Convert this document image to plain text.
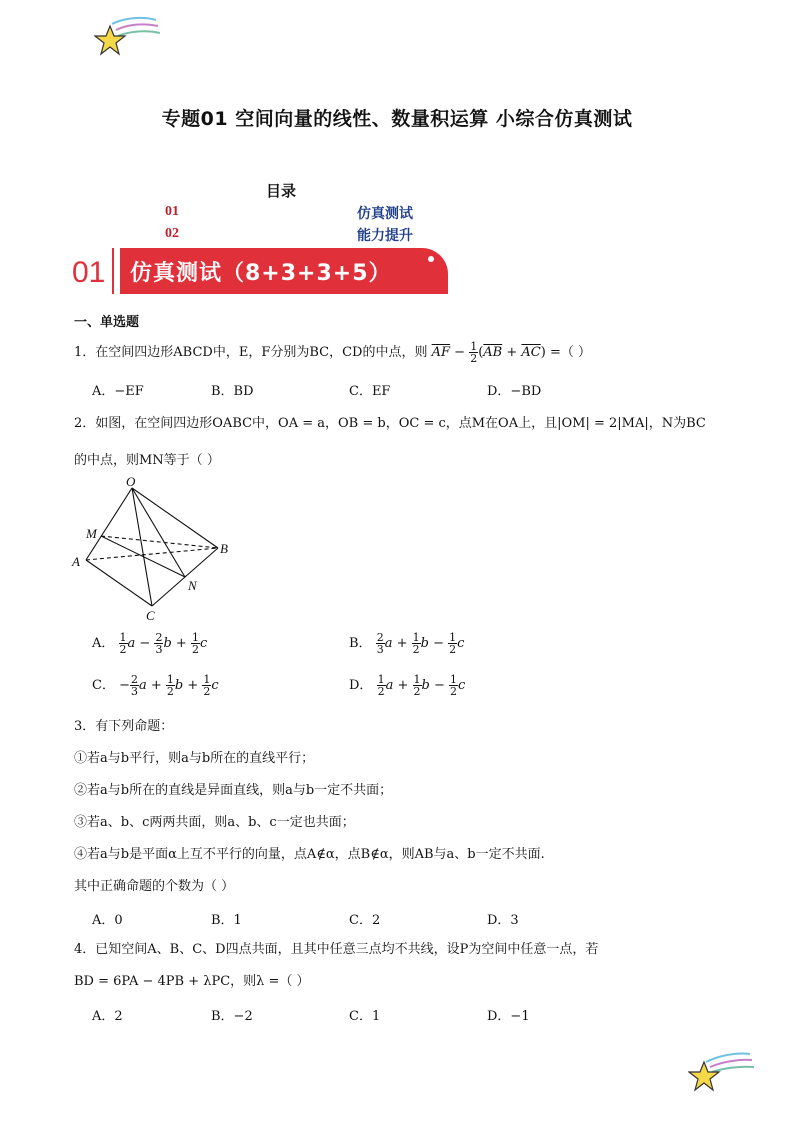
专题01 空间向量的线性、数量积运算 小综合仿真测试
目录
01	仿真测试
02	能力提升
01 仿真测试（8+3+3+5）
一、单选题
1．在空间四边形ABCD中，E，F分别为BC，CD的中点，则 $\overline{AF} - \frac{1}{2} (\overline{AB} + \overline{AC})$ =（ ）
A．−EF	B．BD	C．EF	D．−BD
2．如图，在空间四边形OABC中，OA = a，OB = b，OC = c，点M在OA上，且|OM| = 2|MA|，N为BC
的中点，则MN等于（ ）
O
M
A
B
N
C
A． $\frac{1}{2}$ $a - \frac{2}{3}$ $b + \frac{1}{2}$ c	B． $\frac{2}{3}$ $a + \frac{1}{2}$ $b - \frac{1}{2}$ c
C． − $\frac{2}{3}$ $a + \frac{1}{2}$ $b + \frac{1}{2}$ c	D． $\frac{1}{2}$ $a + \frac{1}{2}$ $b - \frac{1}{2}$ c
3．有下列命题：
①若a与b平行，则a与b所在的直线平行；
②若a与b所在的直线是异面直线，则a与b一定不共面；
③若a、b、c两两共面，则a、b、c一定也共面；
④若a与b是平面α上互不平行的向量，点A∉α，点B∉α，则AB与a、b一定不共面.
其中正确命题的个数为（ ）
A．0	B．1	C．2	D．3
4．已知空间A、B、C、D四点共面，且其中任意三点均不共线，设P为空间中任意一点，若
BD = 6PA − 4PB + λPC，则λ =（ ）
A．2	B．−2	C．1	D．−1
